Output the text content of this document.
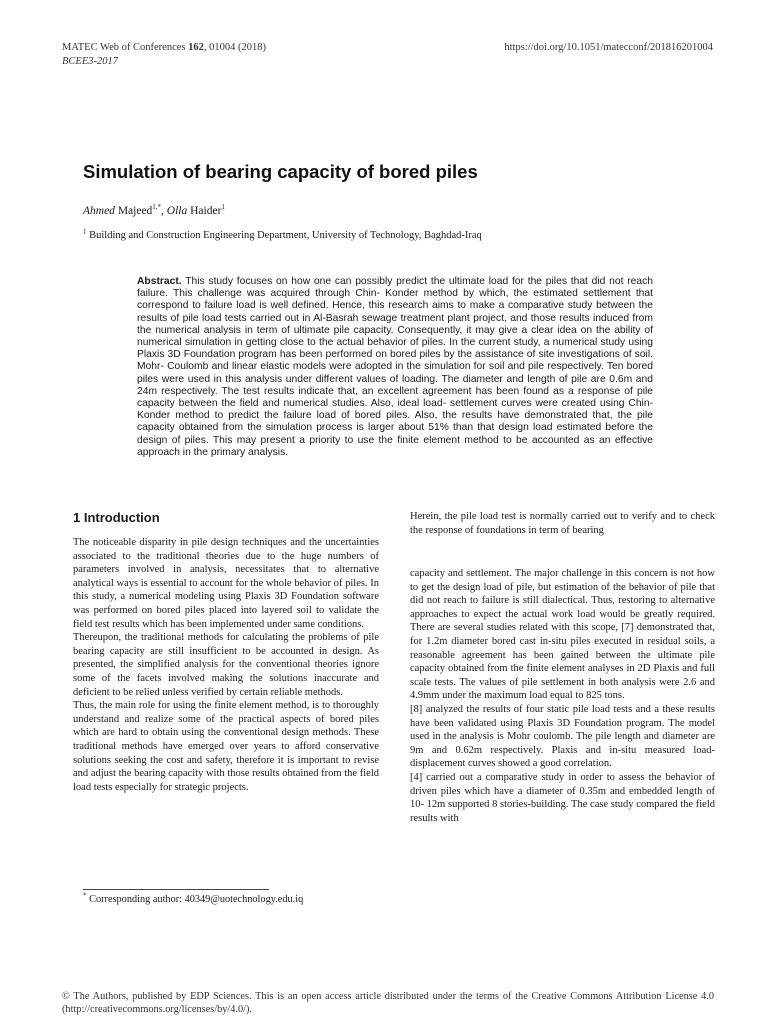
MATEC Web of Conferences 162, 01004 (2018)
BCEE3-2017
https://doi.org/10.1051/matecconf/201816201004
Simulation of bearing capacity of bored piles
Ahmed Majeed$^{1,*}$, Olla Haider$^1$
$^1$ Building and Construction Engineering Department, University of Technology, Baghdad-Iraq
Abstract. This study focuses on how one can possibly predict the ultimate load for the piles that did not reach failure. This challenge was acquired through Chin- Konder method by which, the estimated settlement that correspond to failure load is well defined. Hence, this research aims to make a comparative study between the results of pile load tests carried out in Al-Basrah sewage treatment plant project, and those results induced from the numerical analysis in term of ultimate pile capacity. Consequently, it may give a clear idea on the ability of numerical simulation in getting close to the actual behavior of piles. In the current study, a numerical study using Plaxis 3D Foundation program has been performed on bored piles by the assistance of site investigations of soil. Mohr- Coulomb and linear elastic models were adopted in the simulation for soil and pile respectively. Ten bored piles were used in this analysis under different values of loading. The diameter and length of pile are 0.6m and 24m respectively. The test results indicate that, an excellent agreement has been found as a response of pile capacity between the field and numerical studies. Also, ideal load- settlement curves were created using Chin- Konder method to predict the failure load of bored piles. Also, the results have demonstrated that, the pile capacity obtained from the simulation process is larger about 51% than that design load estimated before the design of piles. This may present a priority to use the finite element method to be accounted as an effective approach in the primary analysis.
1 Introduction

The noticeable disparity in pile design techniques and the uncertainties associated to the traditional theories due to the huge numbers of parameters involved in analysis, necessitates that to alternative analytical ways is essential to account for the whole behavior of piles. In this study, a numerical modeling using Plaxis 3D Foundation software was performed on bored piles placed into layered soil to validate the field test results which has been implemented under same conditions.

Thereupon, the traditional methods for calculating the problems of pile bearing capacity are still insufficient to be accounted in design. As presented, the simplified analysis for the conventional theories ignore some of the facets involved making the solutions inaccurate and deficient to be relied unless verified by certain reliable methods.

Thus, the main role for using the finite element method, is to thoroughly understand and realize some of the practical aspects of bored piles which are hard to obtain using the conventional design methods. These traditional methods have emerged over years to afford conservative solutions seeking the cost and safety, therefore it is important to revise and adjust the bearing capacity with those results obtained from the field load tests especially for strategic projects.

Herein, the pile load test is normally carried out to verify and to check the response of foundations in term of bearing

capacity and settlement. The major challenge in this concern is not how to get the design load of pile, but estimation of the behavior of pile that did not reach to failure is still dialectical. Thus, restoring to alternative approaches to expect the actual work load would be greatly required. There are several studies related with this scope, [7] demonstrated that, for 1.2m diameter bored cast in-situ piles executed in residual soils, a reasonable agreement has been gained between the ultimate pile capacity obtained from the finite element analyses in 2D Plaxis and full scale tests. The values of pile settlement in both analysis were 2.6 and 4.9mm under the maximum load equal to 825 tons.

[8] analyzed the results of four static pile load tests and a these results have been validated using Plaxis 3D Foundation program. The model used in the analysis is Mohr coulomb. The pile length and diameter are 9m and 0.62m respectively. Plaxis and in-situ measured load-displacement curves showed a good correlation.

[4] carried out a comparative study in order to assess the behavior of driven piles which have a diameter of 0.35m and embedded length of 10- 12m supported 8 stories-building. The case study compared the field results with

* Corresponding author: 40349@uotechnology.edu.iq
© The Authors, published by EDP Sciences. This is an open access article distributed under the terms of the Creative Commons Attribution License 4.0 (http://creativecommons.org/licenses/by/4.0/).
